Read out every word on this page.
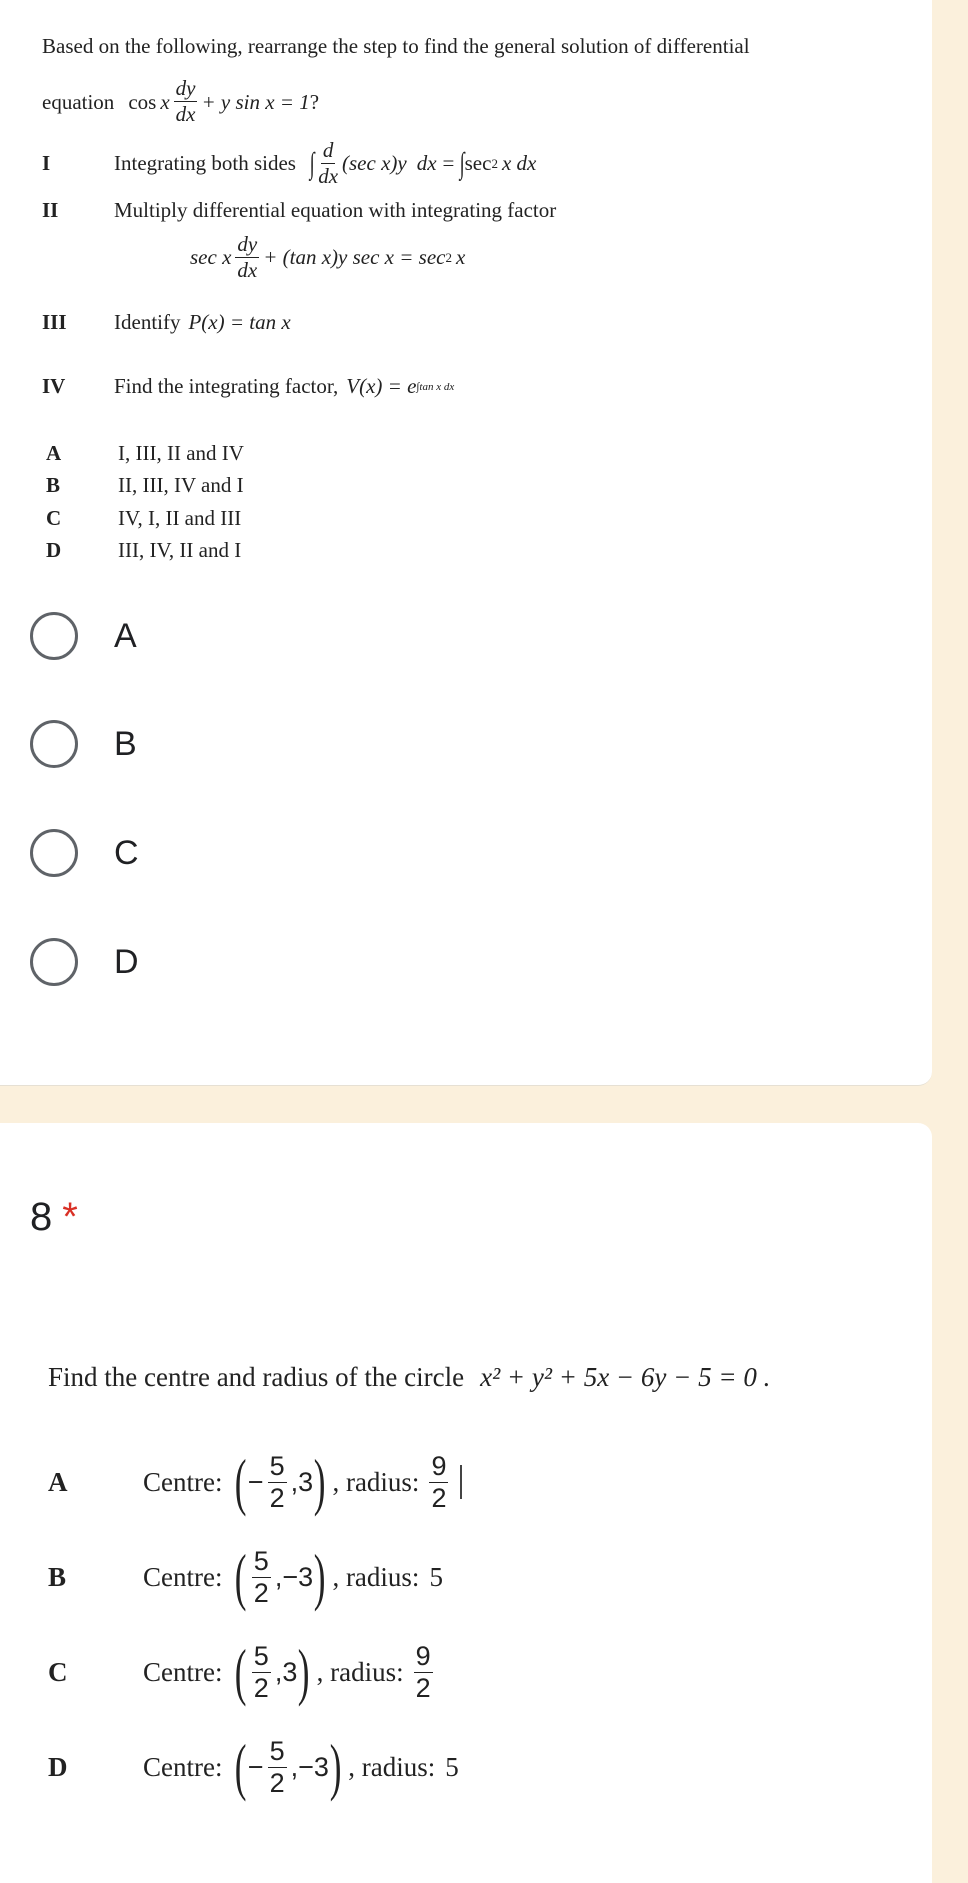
Based on the following, rearrange the step to find the general solution of differential
equation cos x $\frac{dy}{dx} + y$ sin x = 1 ?
I	Integrating both sides ∫ $\frac{d}{dx} (\sec$ x)y dx = ∫ sec 2 x dx
II	Multiply differential equation with integrating factor
sec x $\frac{dy}{dx} + (\tan$ x)y sec x = sec 2 x
III	Identify P(x) = tan x
IV	Find the integrating factor, V(x) = e ∫tan x dx
A	I, III, II and IV
B	II, III, IV and I
C	IV, I, II and III
D	III, IV, II and I
A
B
C
D
8 *
Find the centre and radius of the circle x² + y² + 5x − 6y − 5 = 0 .
A	Centre: ( − $\frac{5}{2} ,3$ ) , radius: $\frac{9}{2}$
B	Centre: ( $\frac{5}{2} ,-3$ ) , radius: 5
C	Centre: ( $\frac{5}{2} ,3$ ) , radius: $\frac{9}{2}$
D	Centre: ( − $\frac{5}{2} ,-3$ ) , radius: 5
